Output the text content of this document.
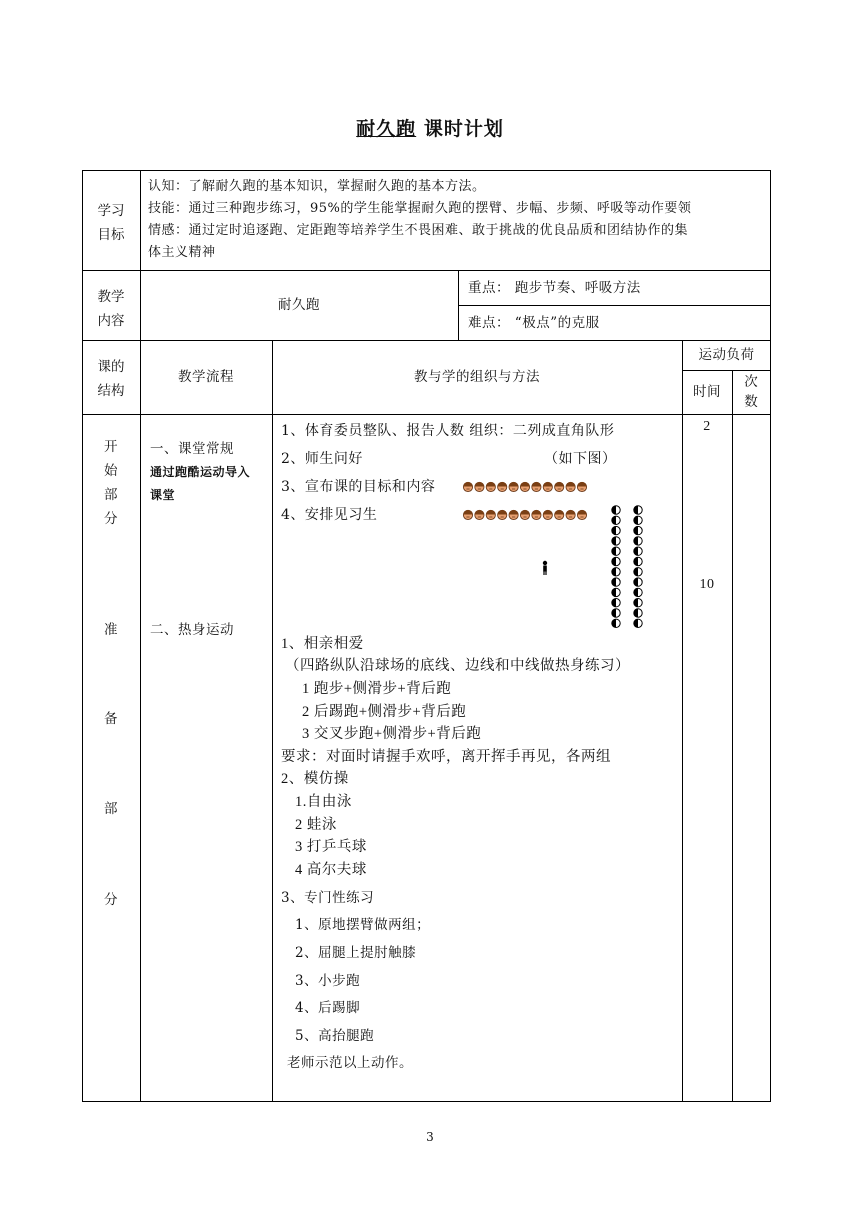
耐久跑 课时计划
学习
目标
认知：了解耐久跑的基本知识，掌握耐久跑的基本方法。
技能：通过三种跑步练习，95%的学生能掌握耐久跑的摆臂、步幅、步频、呼吸等动作要领
情感：通过定时追逐跑、定距跑等培养学生不畏困难、敢于挑战的优良品质和团结协作的集
体主义精神
教学
内容
耐久跑
重点： 跑步节奏、呼吸方法
难点： “极点”的克服
课的
结构
教学流程	教与学的组织与方法
运动负荷
时间
次
数
开
始
部
分
准
备
部
分
一、课堂常规
通过跑酷运动导入
课堂
二、热身运动
1、体育委员整队、报告人数 组织：二列成直角队形
2、师生问好
3、宣布课的目标和内容
4、安排见习生
（如下图）
1、相亲相爱
（四路纵队沿球场的底线、边线和中线做热身练习）
1 跑步+侧滑步+背后跑
2 后踢跑+侧滑步+背后跑
3 交叉步跑+侧滑步+背后跑
要求：对面时请握手欢呼，离开挥手再见，各两组
2、模仿操
1.自由泳
2 蛙泳
3 打乒乓球
4 高尔夫球
3、专门性练习
1、原地摆臂做两组；
2、屈腿上提肘触膝
3、小步跑
4、后踢脚
5、高抬腿跑
老师示范以上动作。
2
10
3
